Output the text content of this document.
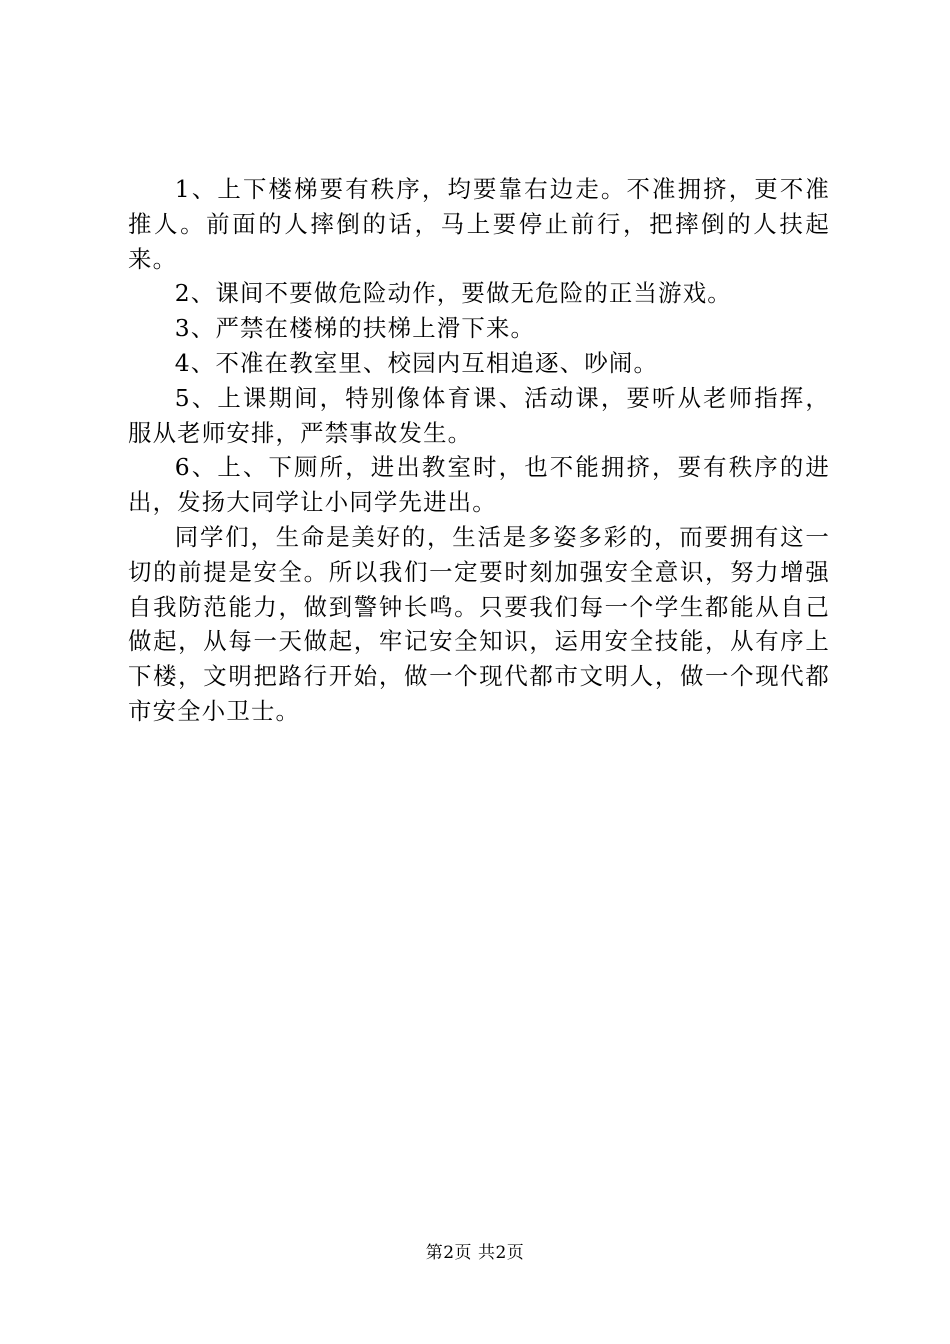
1、上下楼梯要有秩序，均要靠右边走。不准拥挤，更不准推人。前面的人摔倒的话，马上要停止前行，把摔倒的人扶起来。

2、课间不要做危险动作，要做无危险的正当游戏。

3、严禁在楼梯的扶梯上滑下来。

4、不准在教室里、校园内互相追逐、吵闹。

5、上课期间，特别像体育课、活动课，要听从老师指挥，服从老师安排，严禁事故发生。

6、上、下厕所，进出教室时，也不能拥挤，要有秩序的进出，发扬大同学让小同学先进出。

同学们，生命是美好的，生活是多姿多彩的，而要拥有这一切的前提是安全。所以我们一定要时刻加强安全意识，努力增强自我防范能力，做到警钟长鸣。只要我们每一个学生都能从自己做起，从每一天做起，牢记安全知识，运用安全技能，从有序上下楼，文明把路行开始，做一个现代都市文明人，做一个现代都市安全小卫士。

第2页 共2页
